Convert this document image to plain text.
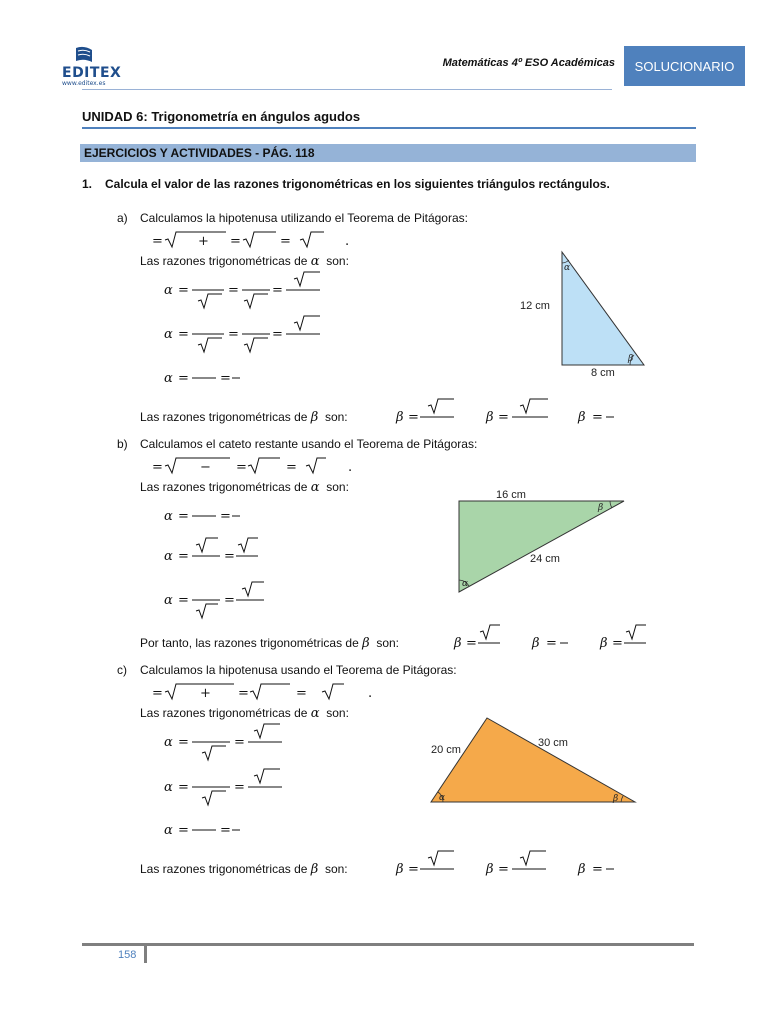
EDITEX
www.editex.es
Matemáticas 4º ESO Académicas	SOLUCIONARIO
UNIDAD 6: Trigonometría en ángulos agudos
EJERCICIOS Y ACTIVIDADES - PÁG. 118
1. Calcula el valor de las razones trigonométricas en los siguientes triángulos rectángulos.
a) Calculamos la hipotenusa utilizando el Teorema de Pitágoras:
=	+ =	=	.
Las razones trigonométricas de α son:
α =	=	=
α =	=	=
α = =
Las razones trigonométricas de β son:	β =	β =	β =
α
β
12 cm
8 cm
b) Calculamos el cateto restante usando el Teorema de Pitágoras:
=	− =	=	.
Las razones trigonométricas de α son:
α = =
α =	=
α =	=
Por tanto, las razones trigonométricas de β son:	β =	β =	β =
α
β
16 cm
24 cm
c) Calculamos la hipotenusa usando el Teorema de Pitágoras:
=	+ =	=	.
Las razones trigonométricas de α son:
α =	=
α =	=
α = =
Las razones trigonométricas de β son:	β =	β =	β =
α	β
20 cm
30 cm
158
